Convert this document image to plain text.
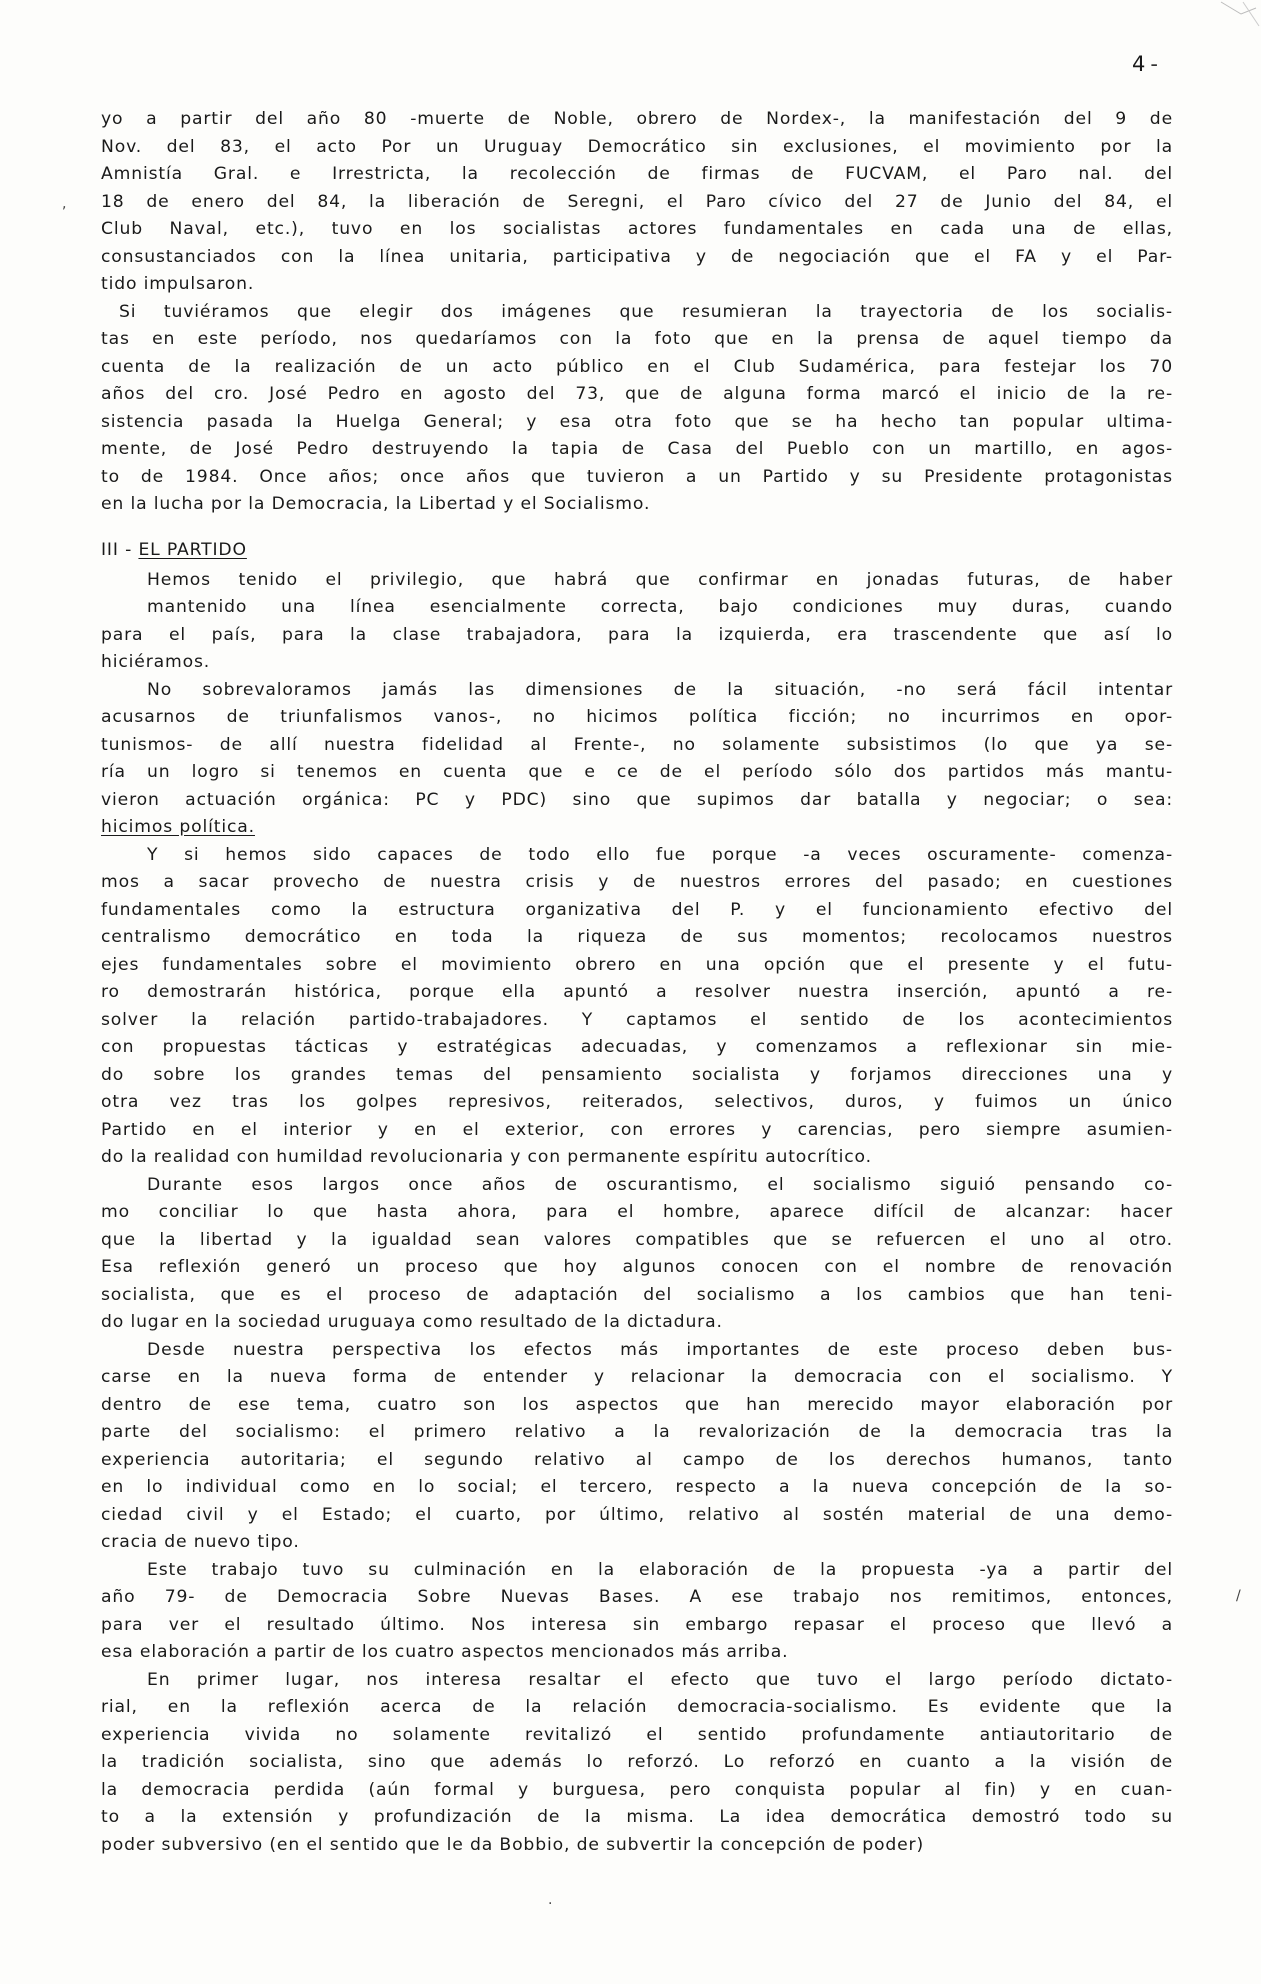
4 -
yo a partir del año 80 -muerte de Noble, obrero de Nordex-, la manifestación del 9 de
Nov. del 83, el acto Por un Uruguay Democrático sin exclusiones, el movimiento por la
Amnistía Gral. e Irrestricta, la recolección de firmas de FUCVAM, el Paro nal. del
18 de enero del 84, la liberación de Seregni, el Paro cívico del 27 de Junio del 84, el
Club Naval, etc.), tuvo en los socialistas actores fundamentales en cada una de ellas,
consustanciados con la línea unitaria, participativa y de negociación que el FA y el Par-
tido impulsaron.
Si tuviéramos que elegir dos imágenes que resumieran la trayectoria de los socialis-
tas en este período, nos quedaríamos con la foto que en la prensa de aquel tiempo da
cuenta de la realización de un acto público en el Club Sudamérica, para festejar los 70
años del cro. José Pedro en agosto del 73, que de alguna forma marcó el inicio de la re-
sistencia pasada la Huelga General; y esa otra foto que se ha hecho tan popular ultima-
mente, de José Pedro destruyendo la tapia de Casa del Pueblo con un martillo, en agos-
to de 1984. Once años; once años que tuvieron a un Partido y su Presidente protagonistas
en la lucha por la Democracia, la Libertad y el Socialismo.
III - EL PARTIDO
Hemos tenido el privilegio, que habrá que confirmar en jonadas futuras, de haber
mantenido una línea esencialmente correcta, bajo condiciones muy duras, cuando
para el país, para la clase trabajadora, para la izquierda, era trascendente que así lo
hiciéramos.
No sobrevaloramos jamás las dimensiones de la situación, -no será fácil intentar
acusarnos de triunfalismos vanos-, no hicimos política ficción; no incurrimos en opor-
tunismos- de allí nuestra fidelidad al Frente-, no solamente subsistimos (lo que ya se-
ría un logro si tenemos en cuenta que e ce de el período sólo dos partidos más mantu-
vieron actuación orgánica: PC y PDC) sino que supimos dar batalla y negociar; o sea:
hicimos política.
Y si hemos sido capaces de todo ello fue porque -a veces oscuramente- comenza-
mos a sacar provecho de nuestra crisis y de nuestros errores del pasado; en cuestiones
fundamentales como la estructura organizativa del P. y el funcionamiento efectivo del
centralismo democrático en toda la riqueza de sus momentos; recolocamos nuestros
ejes fundamentales sobre el movimiento obrero en una opción que el presente y el futu-
ro demostrarán histórica, porque ella apuntó a resolver nuestra inserción, apuntó a re-
solver la relación partido-trabajadores. Y captamos el sentido de los acontecimientos
con propuestas tácticas y estratégicas adecuadas, y comenzamos a reflexionar sin mie-
do sobre los grandes temas del pensamiento socialista y forjamos direcciones una y
otra vez tras los golpes represivos, reiterados, selectivos, duros, y fuimos un único
Partido en el interior y en el exterior, con errores y carencias, pero siempre asumien-
do la realidad con humildad revolucionaria y con permanente espíritu autocrítico.
Durante esos largos once años de oscurantismo, el socialismo siguió pensando co-
mo conciliar lo que hasta ahora, para el hombre, aparece difícil de alcanzar: hacer
que la libertad y la igualdad sean valores compatibles que se refuercen el uno al otro.
Esa reflexión generó un proceso que hoy algunos conocen con el nombre de renovación
socialista, que es el proceso de adaptación del socialismo a los cambios que han teni-
do lugar en la sociedad uruguaya como resultado de la dictadura.
Desde nuestra perspectiva los efectos más importantes de este proceso deben bus-
carse en la nueva forma de entender y relacionar la democracia con el socialismo. Y
dentro de ese tema, cuatro son los aspectos que han merecido mayor elaboración por
parte del socialismo: el primero relativo a la revalorización de la democracia tras la
experiencia autoritaria; el segundo relativo al campo de los derechos humanos, tanto
en lo individual como en lo social; el tercero, respecto a la nueva concepción de la so-
ciedad civil y el Estado; el cuarto, por último, relativo al sostén material de una demo-
cracia de nuevo tipo.
Este trabajo tuvo su culminación en la elaboración de la propuesta -ya a partir del
año 79- de Democracia Sobre Nuevas Bases. A ese trabajo nos remitimos, entonces,
para ver el resultado último. Nos interesa sin embargo repasar el proceso que llevó a
esa elaboración a partir de los cuatro aspectos mencionados más arriba.
En primer lugar, nos interesa resaltar el efecto que tuvo el largo período dictato-
rial, en la reflexión acerca de la relación democracia-socialismo. Es evidente que la
experiencia vivida no solamente revitalizó el sentido profundamente antiautoritario de
la tradición socialista, sino que además lo reforzó. Lo reforzó en cuanto a la visión de
la democracia perdida (aún formal y burguesa, pero conquista popular al fin) y en cuan-
to a la extensión y profundización de la misma. La idea democrática demostró todo su
poder subversivo (en el sentido que le da Bobbio, de subvertir la concepción de poder)
,
/
·
